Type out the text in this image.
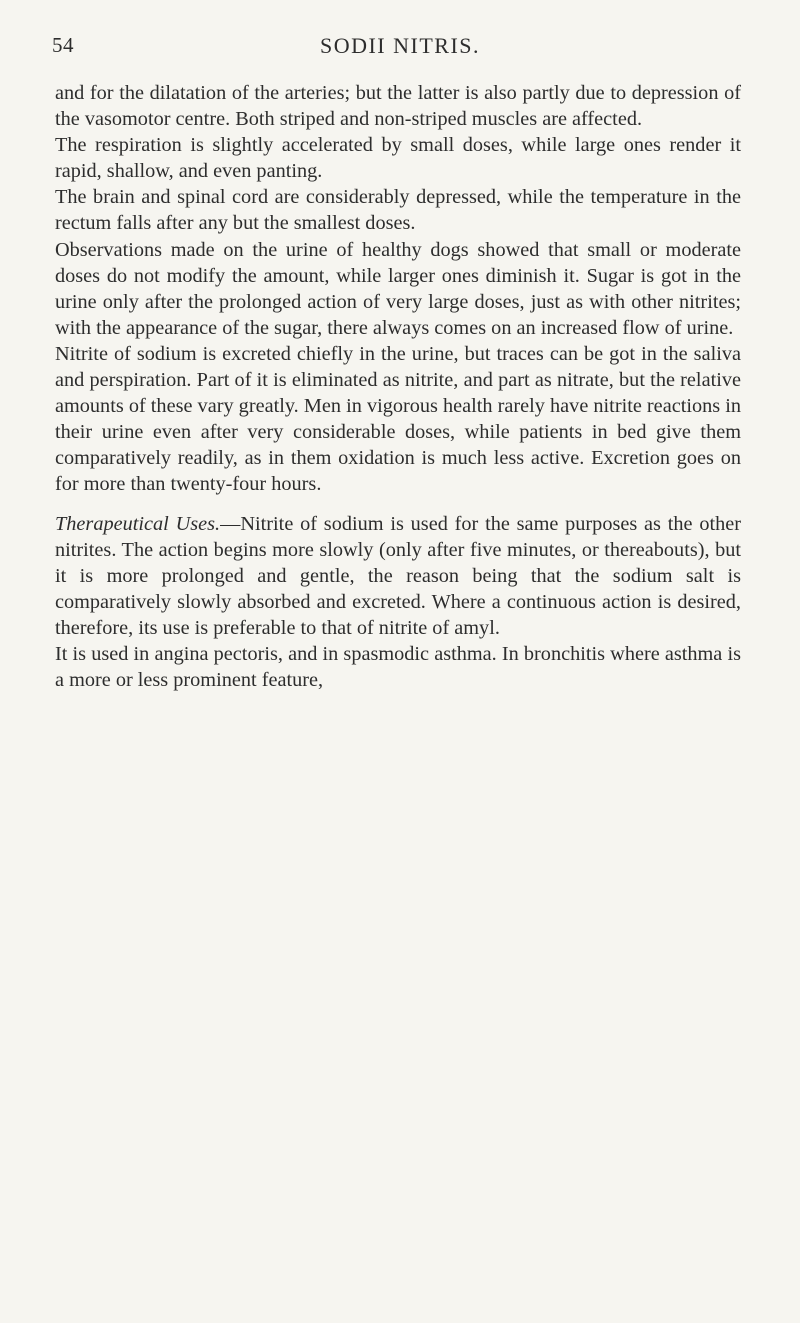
54	SODII NITRIS.

and for the dilatation of the arteries; but the latter is also partly due to depression of the vasomotor centre. Both striped and non-striped muscles are affected.

The respiration is slightly accelerated by small doses, while large ones render it rapid, shallow, and even panting.

The brain and spinal cord are considerably depressed, while the temperature in the rectum falls after any but the smallest doses.

Observations made on the urine of healthy dogs showed that small or moderate doses do not modify the amount, while larger ones diminish it. Sugar is got in the urine only after the prolonged action of very large doses, just as with other nitrites; with the appearance of the sugar, there always comes on an increased flow of urine.

Nitrite of sodium is excreted chiefly in the urine, but traces can be got in the saliva and perspiration. Part of it is eliminated as nitrite, and part as nitrate, but the relative amounts of these vary greatly. Men in vigorous health rarely have nitrite reactions in their urine even after very considerable doses, while patients in bed give them comparatively readily, as in them oxidation is much less active. Excretion goes on for more than twenty-four hours.

Therapeutical Uses.—Nitrite of sodium is used for the same purposes as the other nitrites. The action begins more slowly (only after five minutes, or thereabouts), but it is more prolonged and gentle, the reason being that the sodium salt is comparatively slowly absorbed and excreted. Where a continuous action is desired, therefore, its use is preferable to that of nitrite of amyl.

It is used in angina pectoris, and in spasmodic asthma. In bronchitis where asthma is a more or less prominent feature,
